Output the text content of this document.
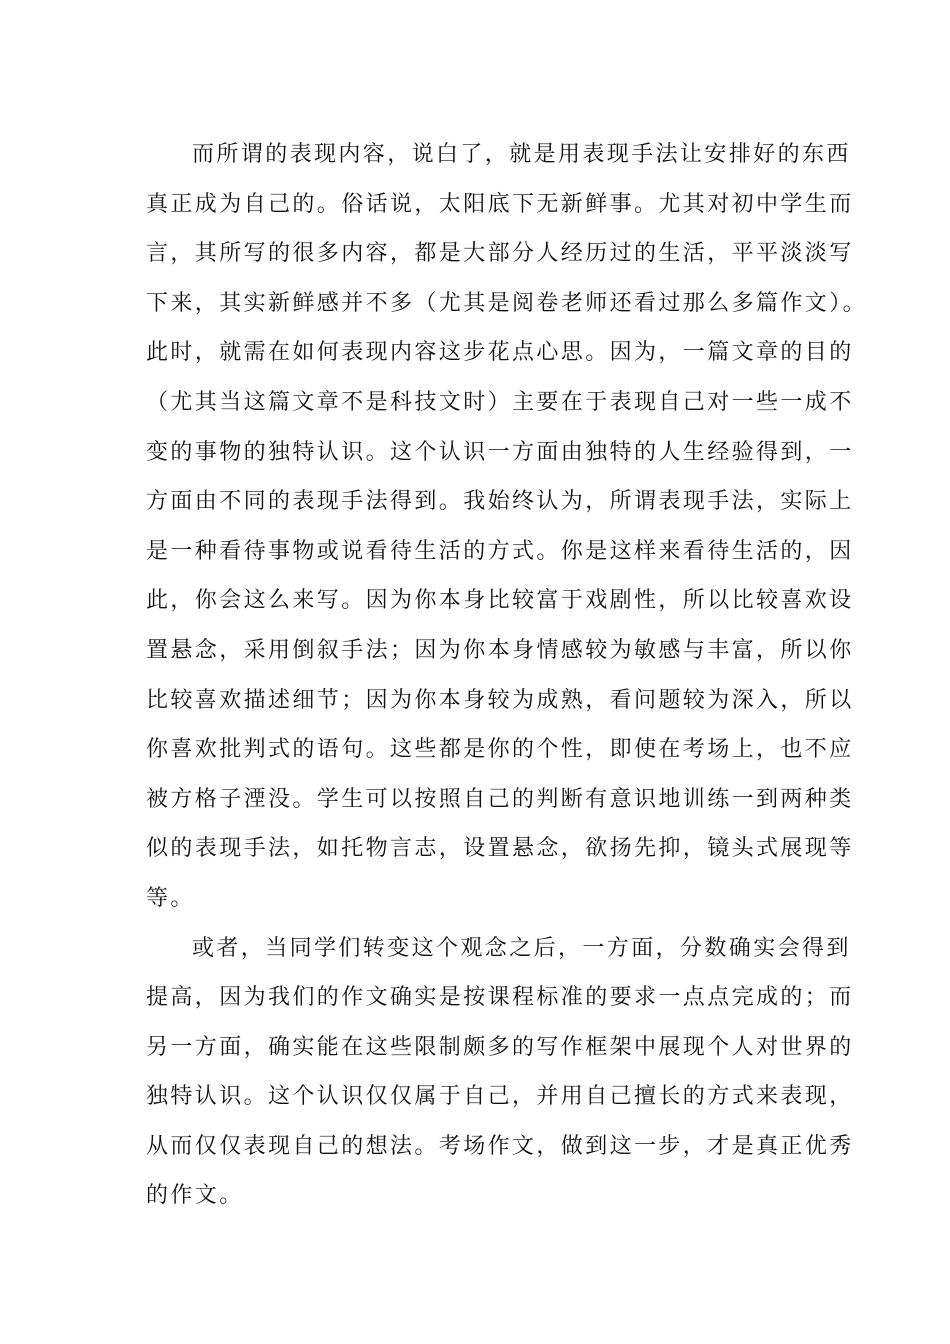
而所谓的表现内容，说白了，就是用表现手法让安排好的东西
真正成为自己的。俗话说，太阳底下无新鲜事。尤其对初中学生而
言，其所写的很多内容，都是大部分人经历过的生活，平平淡淡写
下来，其实新鲜感并不多（尤其是阅卷老师还看过那么多篇作文）。
此时，就需在如何表现内容这步花点心思。因为，一篇文章的目的
（尤其当这篇文章不是科技文时）主要在于表现自己对一些一成不
变的事物的独特认识。这个认识一方面由独特的人生经验得到，一
方面由不同的表现手法得到。我始终认为，所谓表现手法，实际上
是一种看待事物或说看待生活的方式。你是这样来看待生活的，因
此，你会这么来写。因为你本身比较富于戏剧性，所以比较喜欢设
置悬念，采用倒叙手法；因为你本身情感较为敏感与丰富，所以你
比较喜欢描述细节；因为你本身较为成熟，看问题较为深入，所以
你喜欢批判式的语句。这些都是你的个性，即使在考场上，也不应
被方格子湮没。学生可以按照自己的判断有意识地训练一到两种类
似的表现手法，如托物言志，设置悬念，欲扬先抑，镜头式展现等
等。
或者，当同学们转变这个观念之后，一方面，分数确实会得到
提高，因为我们的作文确实是按课程标准的要求一点点完成的；而
另一方面，确实能在这些限制颇多的写作框架中展现个人对世界的
独特认识。这个认识仅仅属于自己，并用自己擅长的方式来表现，
从而仅仅表现自己的想法。考场作文，做到这一步，才是真正优秀
的作文。
